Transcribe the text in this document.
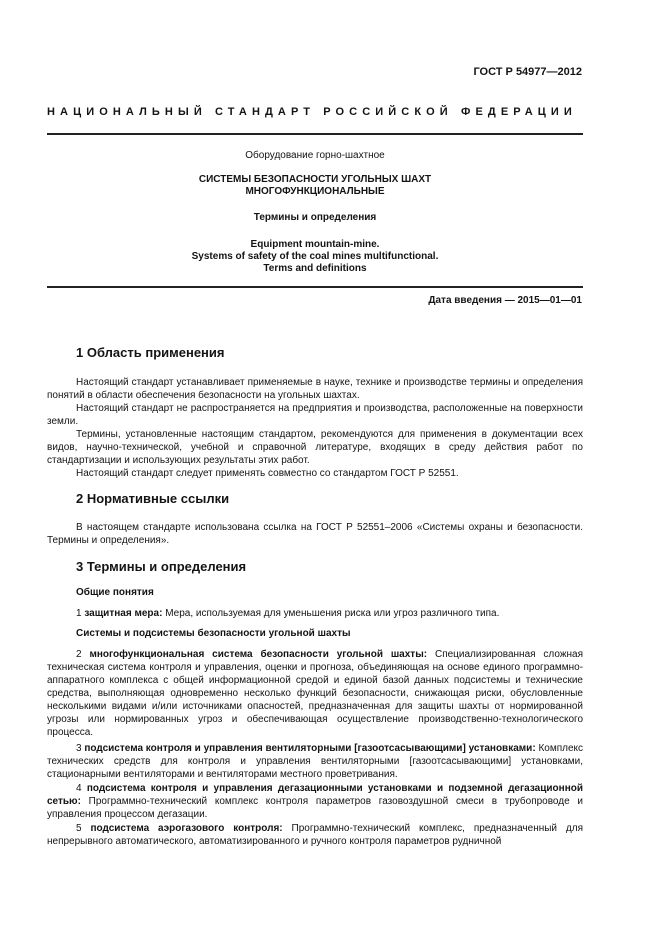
ГОСТ Р 54977—2012
НАЦИОНАЛЬНЫЙ СТАНДАРТ РОССИЙСКОЙ ФЕДЕРАЦИИ
Оборудование горно-шахтное
СИСТЕМЫ БЕЗОПАСНОСТИ УГОЛЬНЫХ ШАХТ
МНОГОФУНКЦИОНАЛЬНЫЕ
Термины и определения
Equipment mountain-mine.
Systems of safety of the coal mines multifunctional.
Terms and definitions
Дата введения — 2015—01—01
1 Область применения

Настоящий стандарт устанавливает применяемые в науке, технике и производстве термины и определения понятий в области обеспечения безопасности на угольных шахтах.

Настоящий стандарт не распространяется на предприятия и производства, расположенные на поверхности земли.

Термины, установленные настоящим стандартом, рекомендуются для применения в документации всех видов, научно-технической, учебной и справочной литературе, входящих в среду действия работ по стандартизации и использующих результаты этих работ.

Настоящий стандарт следует применять совместно со стандартом ГОСТ Р 52551.

2 Нормативные ссылки

В настоящем стандарте использована ссылка на ГОСТ Р 52551–2006 «Системы охраны и безопасности. Термины и определения».

3 Термины и определения
Общие понятия

1 защитная мера: Мера, используемая для уменьшения риска или угроз различного типа.

Системы и подсистемы безопасности угольной шахты

2 многофункциональная система безопасности угольной шахты: Специализированная сложная техническая система контроля и управления, оценки и прогноза, объединяющая на основе единого программно-аппаратного комплекса с общей информационной средой и единой базой данных подсистемы и технические средства, выполняющая одновременно несколько функций безопасности, снижающая риски, обусловленные несколькими видами и/или источниками опасностей, предназначенная для защиты шахты от нормированной угрозы или нормированных угроз и обеспечивающая осуществление производственно-технологического процесса.

3 подсистема контроля и управления вентиляторными [газоотсасывающими] установками: Комплекс технических средств для контроля и управления вентиляторными [газоотсасывающими] установками, стационарными вентиляторами и вентиляторами местного проветривания.

4 подсистема контроля и управления дегазационными установками и подземной дегазационной сетью: Программно-технический комплекс контроля параметров газовоздушной смеси в трубопроводе и управления процессом дегазации.

5 подсистема аэрогазового контроля: Программно-технический комплекс, предназначенный для непрерывного автоматического, автоматизированного и ручного контроля параметров рудничной
